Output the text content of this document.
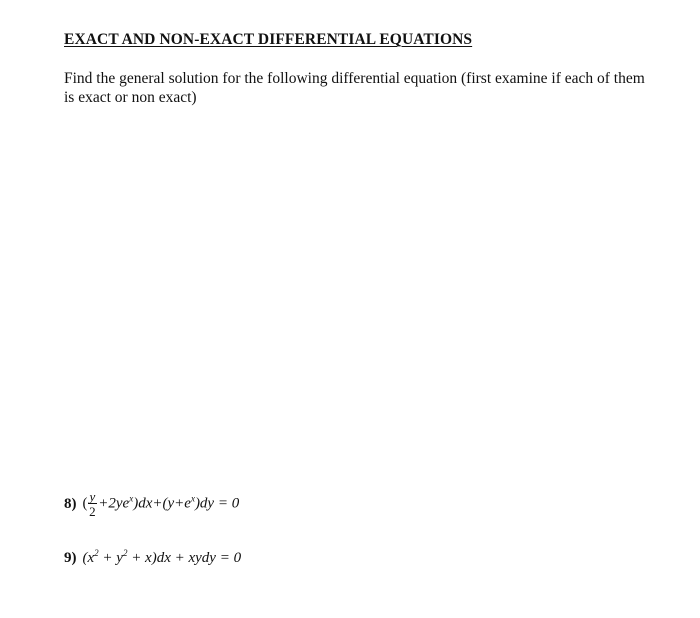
EXACT AND NON-EXACT DIFFERENTIAL EQUATIONS
Find the general solution for the following differential equation (first examine if each of them is exact or non exact)
8) ( $\frac{y}{2} +2ye^x)dx+(y+e^x)dy = 0$
9) $(x^2 + y^2 + x)dx$ + xydy = 0
